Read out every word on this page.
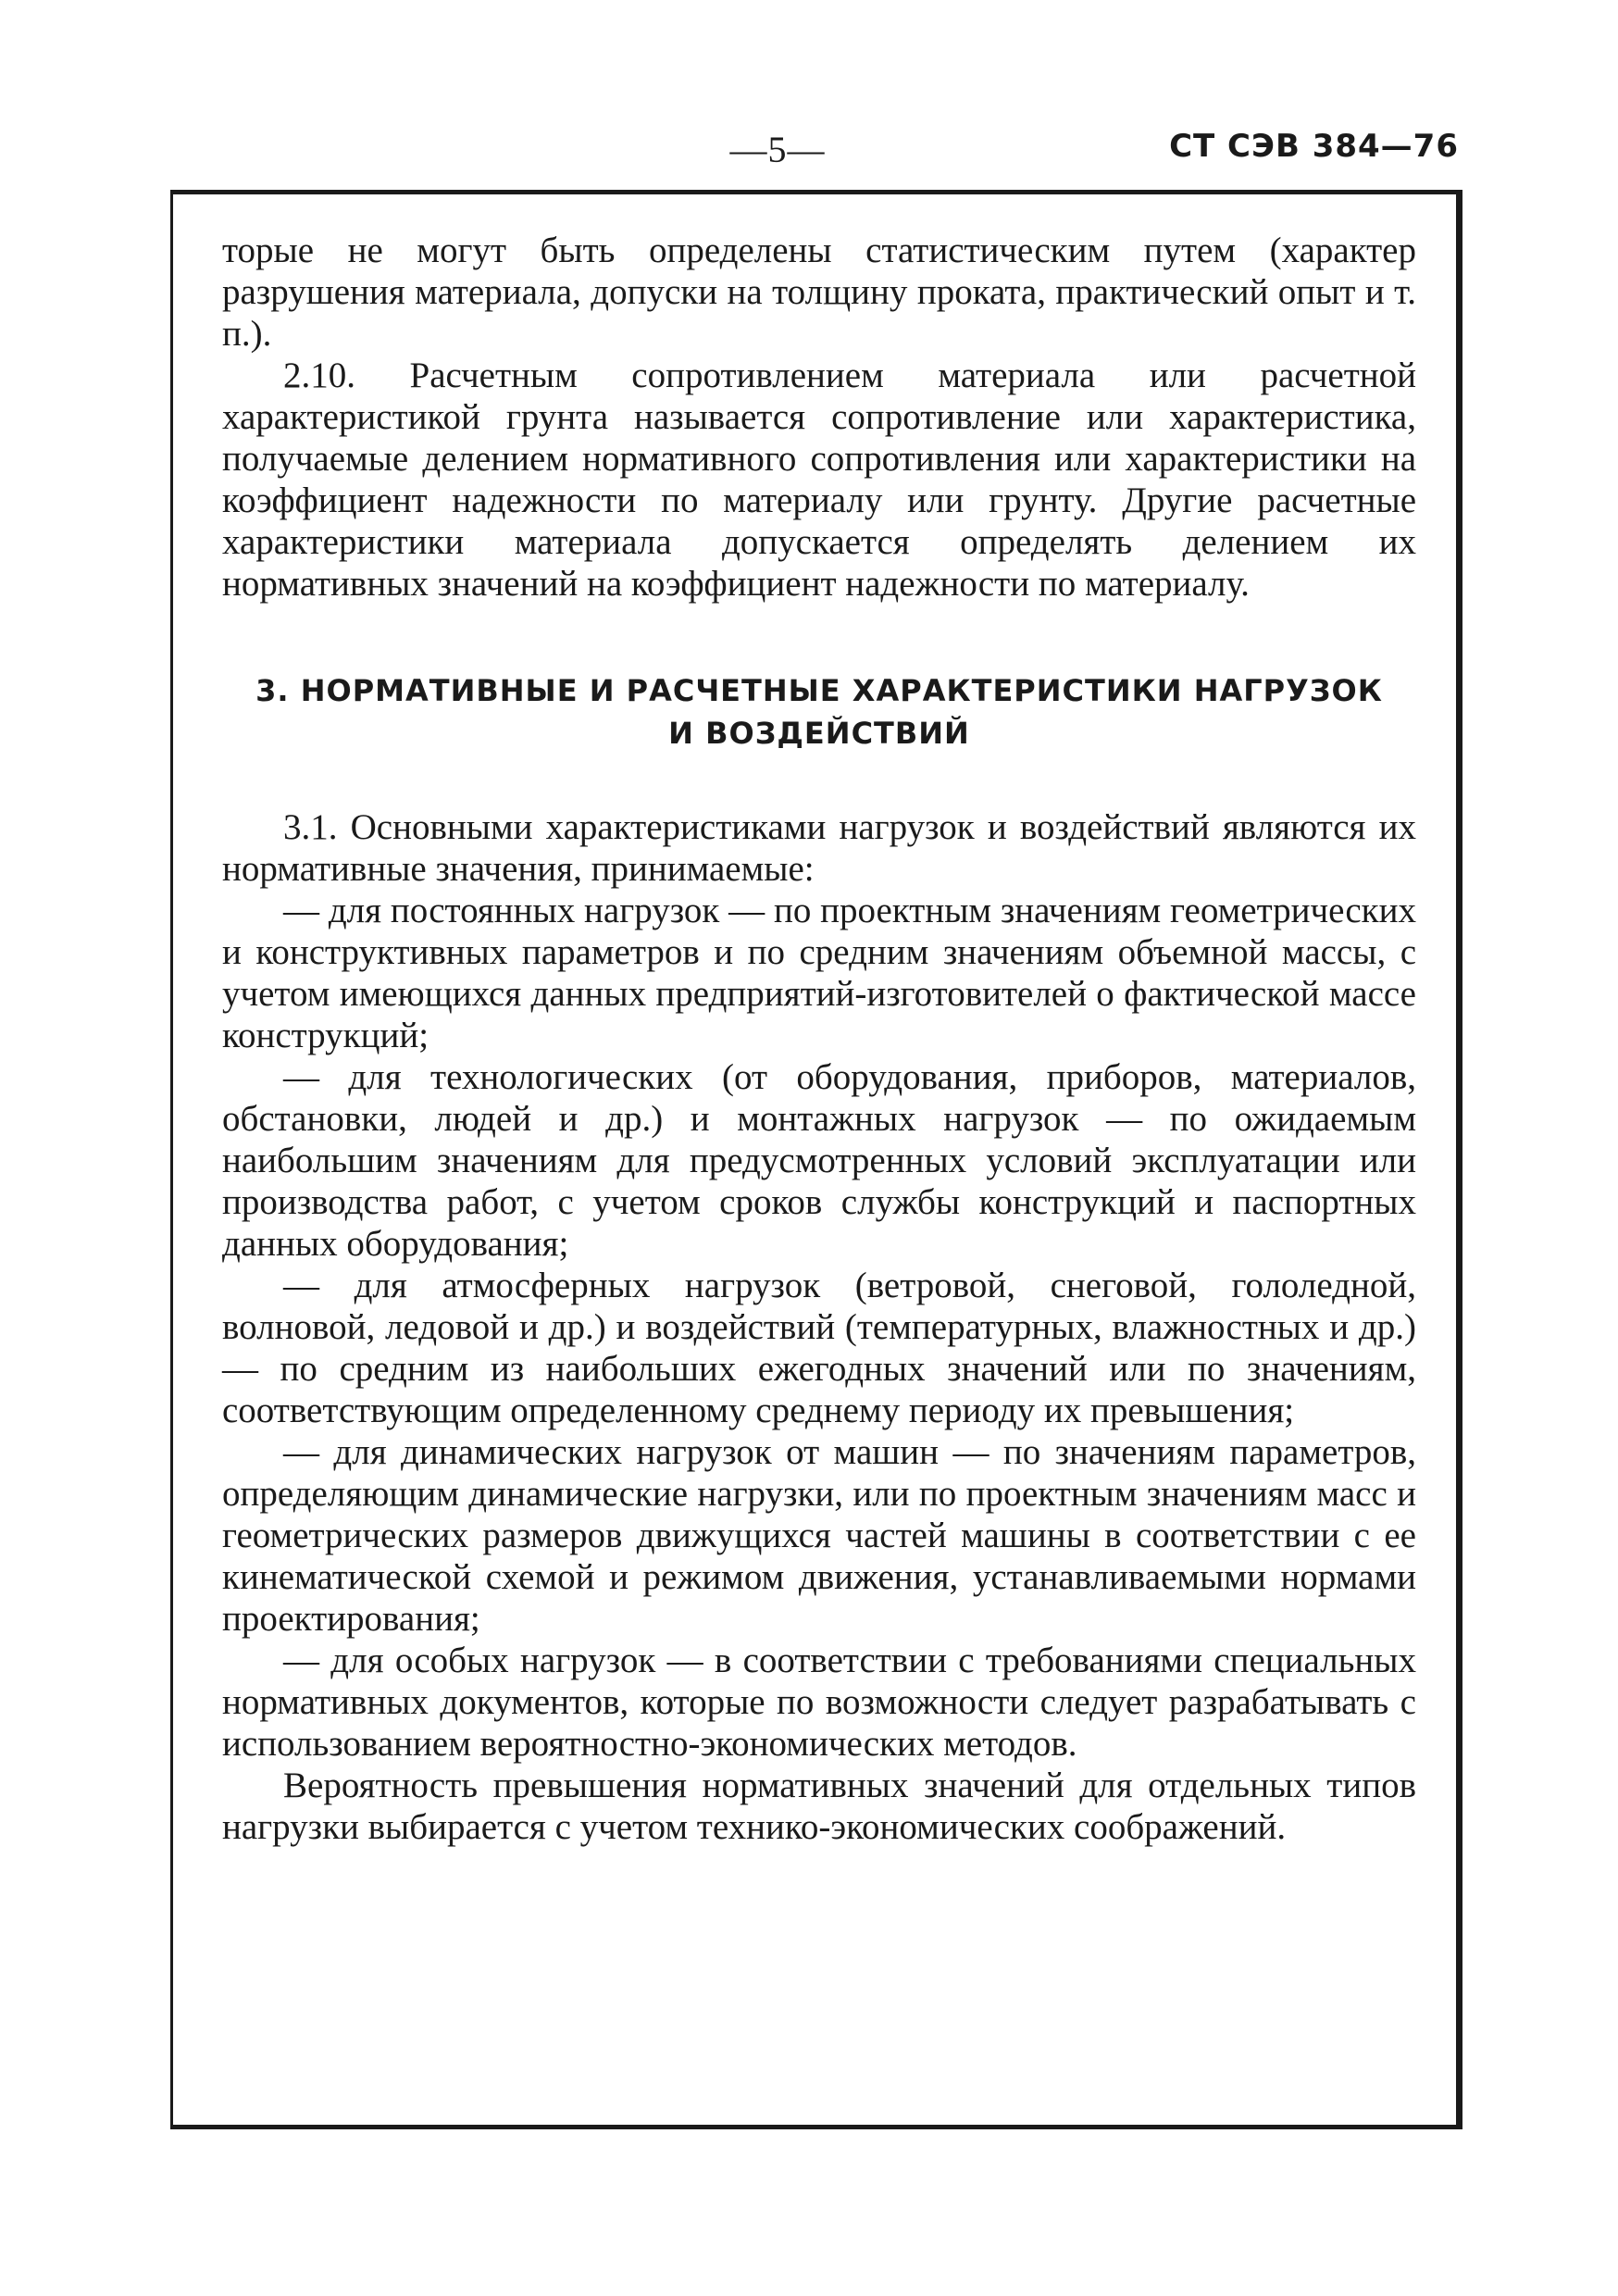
—5—	СТ СЭВ 384—76

торые не могут быть определены статистическим путем (характер разрушения материала, допуски на толщину проката, практический опыт и т. п.).

2.10. Расчетным сопротивлением материала или расчетной характеристикой грунта называется сопротивление или характеристика, получаемые делением нормативного сопротивления или характеристики на коэффициент надежности по материалу или грунту. Другие расчетные характеристики материала допускается определять делением их нормативных значений на коэффициент надежности по материалу.

3. НОРМАТИВНЫЕ И РАСЧЕТНЫЕ ХАРАКТЕРИСТИКИ НАГРУЗОК
И ВОЗДЕЙСТВИЙ

3.1. Основными характеристиками нагрузок и воздействий являются их нормативные значения, принимаемые:

— для постоянных нагрузок — по проектным значениям геометрических и конструктивных параметров и по средним значениям объемной массы, с учетом имеющихся данных предприятий-изготовителей о фактической массе конструкций;

— для технологических (от оборудования, приборов, материалов, обстановки, людей и др.) и монтажных нагрузок — по ожидаемым наибольшим значениям для предусмотренных условий эксплуатации или производства работ, с учетом сроков службы конструкций и паспортных данных оборудования;

— для атмосферных нагрузок (ветровой, снеговой, гололедной, волновой, ледовой и др.) и воздействий (температурных, влажностных и др.) — по средним из наибольших ежегодных значений или по значениям, соответствующим определенному среднему периоду их превышения;

— для динамических нагрузок от машин — по значениям параметров, определяющим динамические нагрузки, или по проектным значениям масс и геометрических размеров движущихся частей машины в соответствии с ее кинематической схемой и режимом движения, устанавливаемыми нормами проектирования;

— для особых нагрузок — в соответствии с требованиями специальных нормативных документов, которые по возможности следует разрабатывать с использованием вероятностно-экономических методов.

Вероятность превышения нормативных значений для отдельных типов нагрузки выбирается с учетом технико-экономических соображений.
